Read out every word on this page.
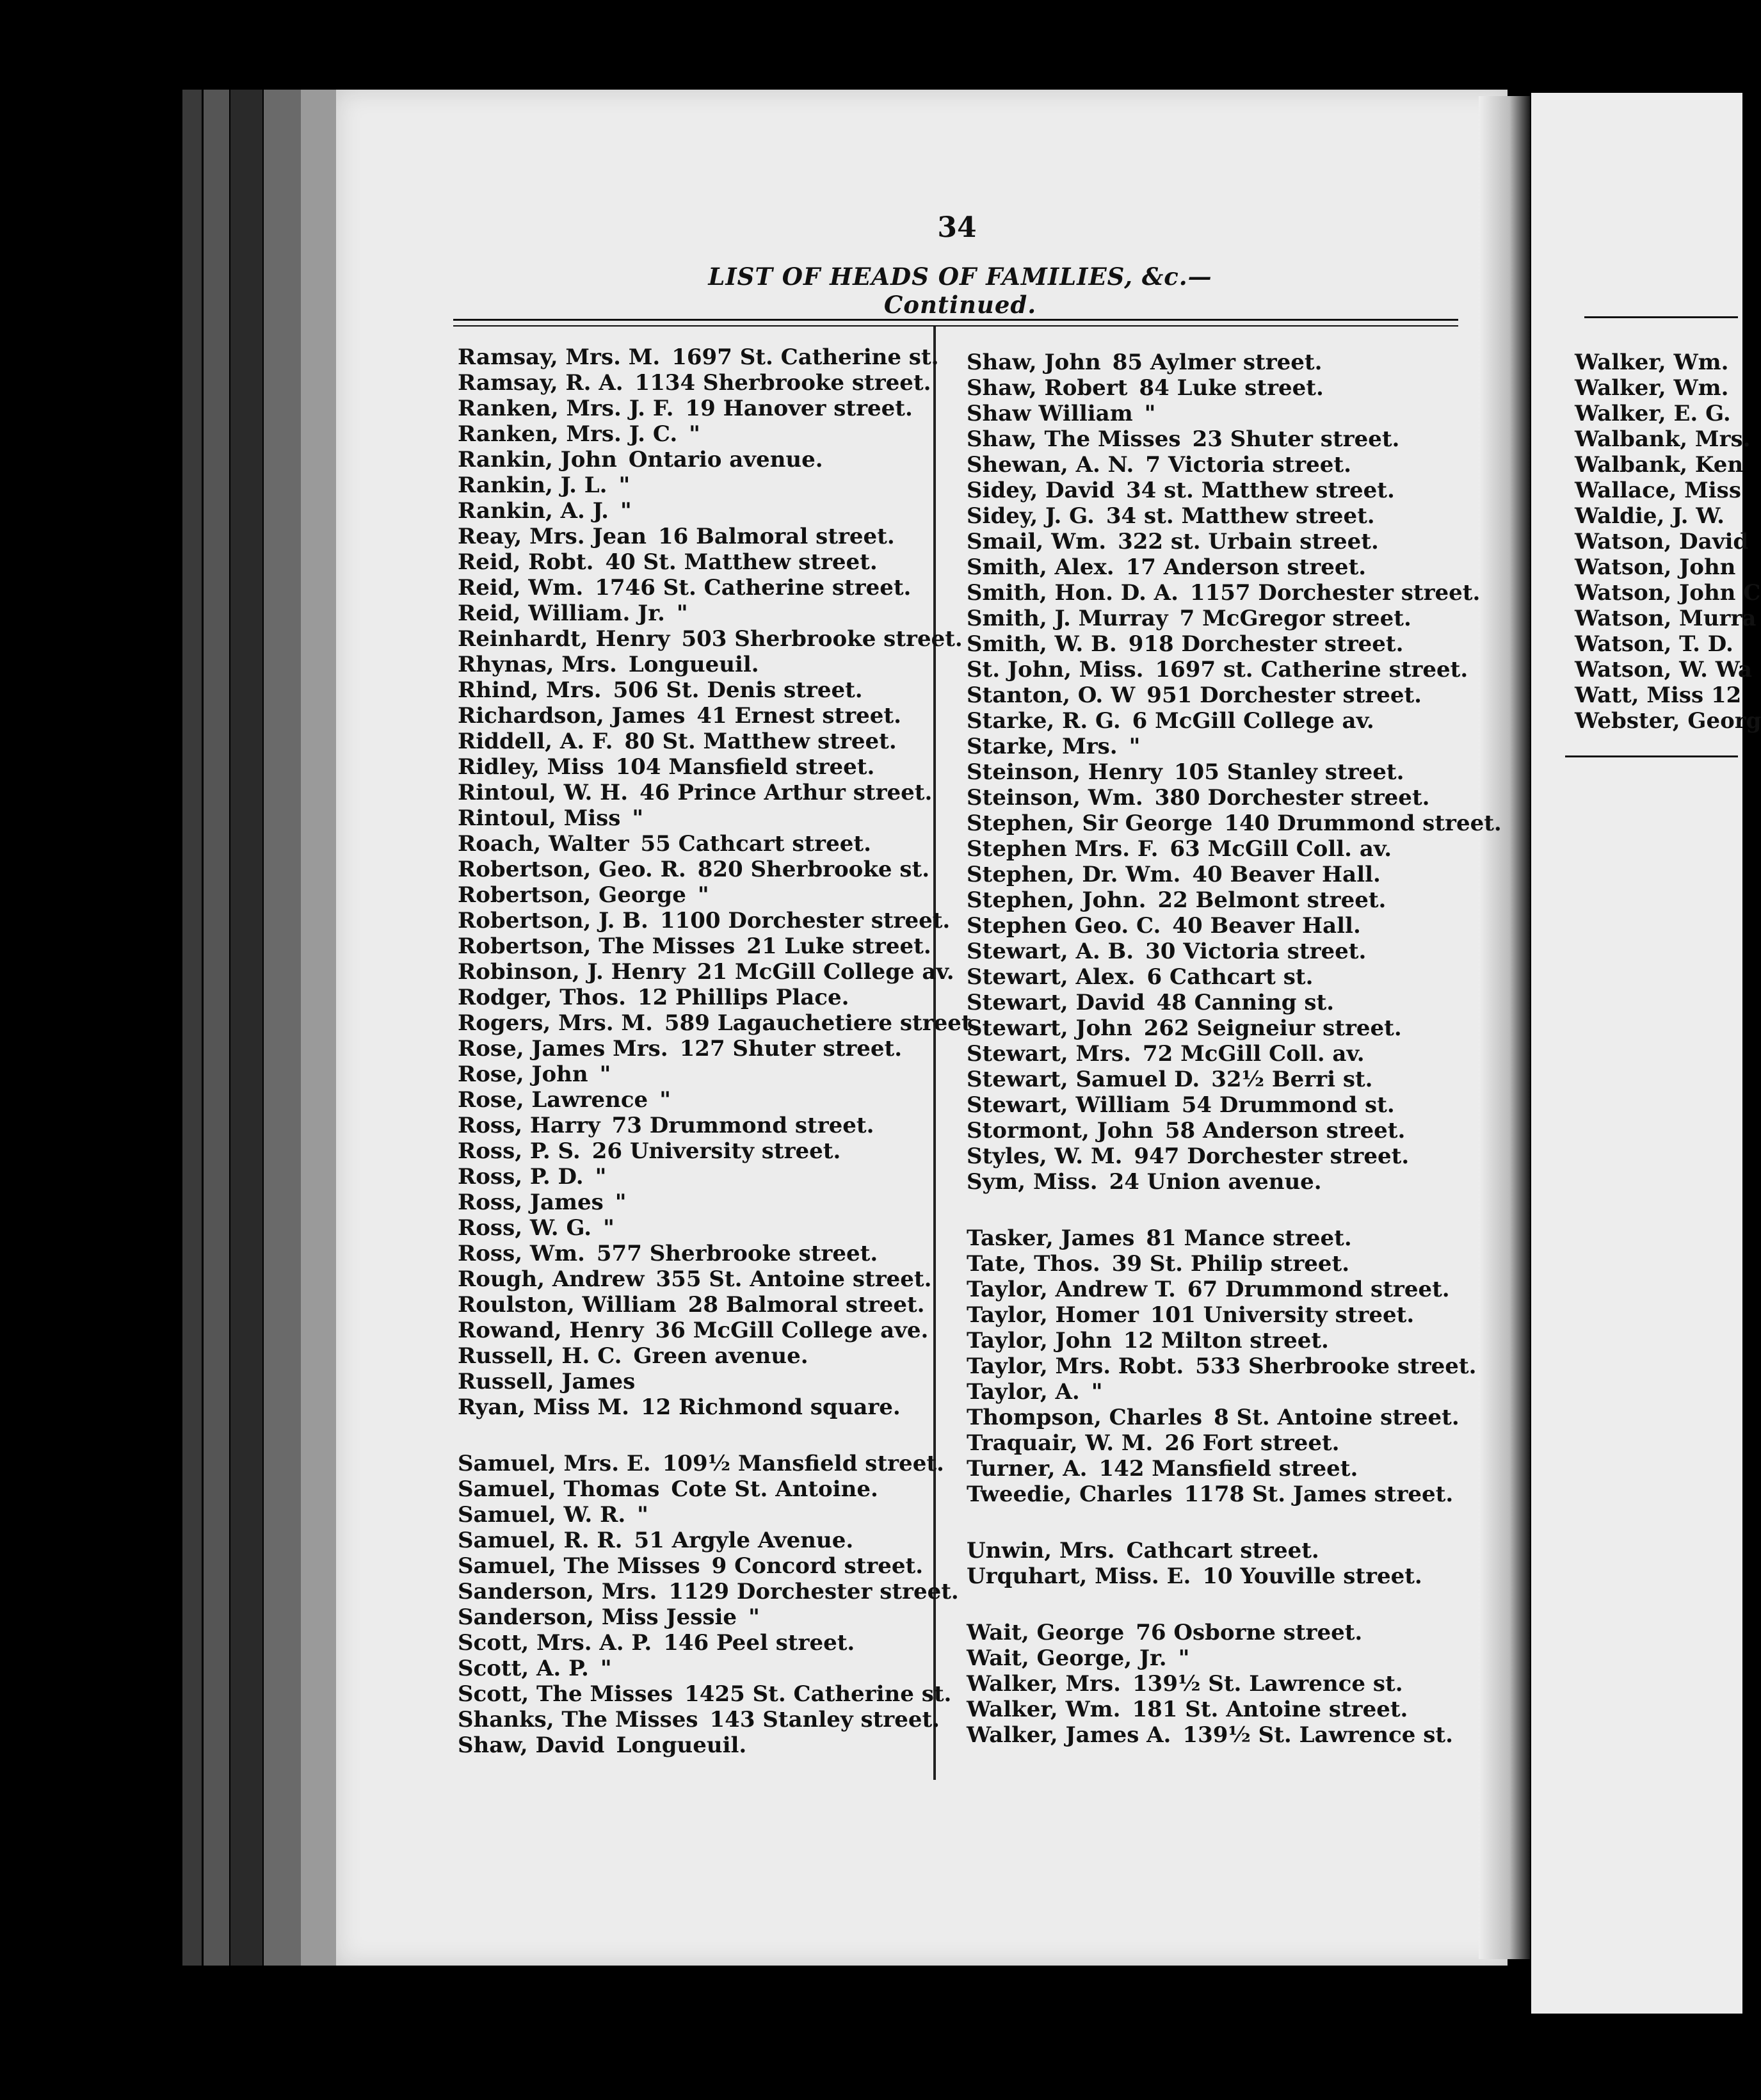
34
LIST OF HEADS OF FAMILIES, &c.—Continued.
Ramsay, Mrs. M. 1697 St. Catherine st.
Ramsay, R. A. 1134 Sherbrooke street.
Ranken, Mrs. J. F. 19 Hanover street.
Ranken, Mrs. J. C. "
Rankin, John Ontario avenue.
Rankin, J. L. "
Rankin, A. J. "
Reay, Mrs. Jean 16 Balmoral street.
Reid, Robt. 40 St. Matthew street.
Reid, Wm. 1746 St. Catherine street.
Reid, William. Jr. "
Reinhardt, Henry 503 Sherbrooke street.
Rhynas, Mrs. Longueuil.
Rhind, Mrs. 506 St. Denis street.
Richardson, James 41 Ernest street.
Riddell, A. F. 80 St. Matthew street.
Ridley, Miss 104 Mansfield street.
Rintoul, W. H. 46 Prince Arthur street.
Rintoul, Miss "
Roach, Walter 55 Cathcart street.
Robertson, Geo. R. 820 Sherbrooke st.
Robertson, George "
Robertson, J. B. 1100 Dorchester street.
Robertson, The Misses 21 Luke street.
Robinson, J. Henry 21 McGill College av.
Rodger, Thos. 12 Phillips Place.
Rogers, Mrs. M. 589 Lagauchetiere street.
Rose, James Mrs. 127 Shuter street.
Rose, John "
Rose, Lawrence "
Ross, Harry 73 Drummond street.
Ross, P. S. 26 University street.
Ross, P. D. "
Ross, James "
Ross, W. G. "
Ross, Wm. 577 Sherbrooke street.
Rough, Andrew 355 St. Antoine street.
Roulston, William 28 Balmoral street.
Rowand, Henry 36 McGill College ave.
Russell, H. C. Green avenue.
Russell, James
Ryan, Miss M. 12 Richmond square.
Samuel, Mrs. E. 109½ Mansfield street.
Samuel, Thomas Cote St. Antoine.
Samuel, W. R. "
Samuel, R. R. 51 Argyle Avenue.
Samuel, The Misses 9 Concord street.
Sanderson, Mrs. 1129 Dorchester street.
Sanderson, Miss Jessie "
Scott, Mrs. A. P. 146 Peel street.
Scott, A. P. "
Scott, The Misses 1425 St. Catherine st.
Shanks, The Misses 143 Stanley street.
Shaw, David Longueuil.
Shaw, John 85 Aylmer street.
Shaw, Robert 84 Luke street.
Shaw William "
Shaw, The Misses 23 Shuter street.
Shewan, A. N. 7 Victoria street.
Sidey, David 34 st. Matthew street.
Sidey, J. G. 34 st. Matthew street.
Smail, Wm. 322 st. Urbain street.
Smith, Alex. 17 Anderson street.
Smith, Hon. D. A. 1157 Dorchester street.
Smith, J. Murray 7 McGregor street.
Smith, W. B. 918 Dorchester street.
St. John, Miss. 1697 st. Catherine street.
Stanton, O. W 951 Dorchester street.
Starke, R. G. 6 McGill College av.
Starke, Mrs. "
Steinson, Henry 105 Stanley street.
Steinson, Wm. 380 Dorchester street.
Stephen, Sir George 140 Drummond street.
Stephen Mrs. F. 63 McGill Coll. av.
Stephen, Dr. Wm. 40 Beaver Hall.
Stephen, John. 22 Belmont street.
Stephen Geo. C. 40 Beaver Hall.
Stewart, A. B. 30 Victoria street.
Stewart, Alex. 6 Cathcart st.
Stewart, David 48 Canning st.
Stewart, John 262 Seigneiur street.
Stewart, Mrs. 72 McGill Coll. av.
Stewart, Samuel D. 32½ Berri st.
Stewart, William 54 Drummond st.
Stormont, John 58 Anderson street.
Styles, W. M. 947 Dorchester street.
Sym, Miss. 24 Union avenue.
Tasker, James 81 Mance street.
Tate, Thos. 39 St. Philip street.
Taylor, Andrew T. 67 Drummond street.
Taylor, Homer 101 University street.
Taylor, John 12 Milton street.
Taylor, Mrs. Robt. 533 Sherbrooke street.
Taylor, A. "
Thompson, Charles 8 St. Antoine street.
Traquair, W. M. 26 Fort street.
Turner, A. 142 Mansfield street.
Tweedie, Charles 1178 St. James street.
Unwin, Mrs. Cathcart street.
Urquhart, Miss. E. 10 Youville street.
Wait, George 76 Osborne street.
Wait, George, Jr. "
Walker, Mrs. 139½ St. Lawrence st.
Walker, Wm. 181 St. Antoine street.
Walker, James A. 139½ St. Lawrence st.
Walker, Wm.
Walker, Wm.
Walker, E. G.
Walbank, Mrs.
Walbank, Ken
Wallace, Miss
Waldie, J. W.
Watson, David
Watson, John
Watson, John C
Watson, Murra
Watson, T. D.
Watson, W. Wa
Watt, Miss 12
Webster, Georg
